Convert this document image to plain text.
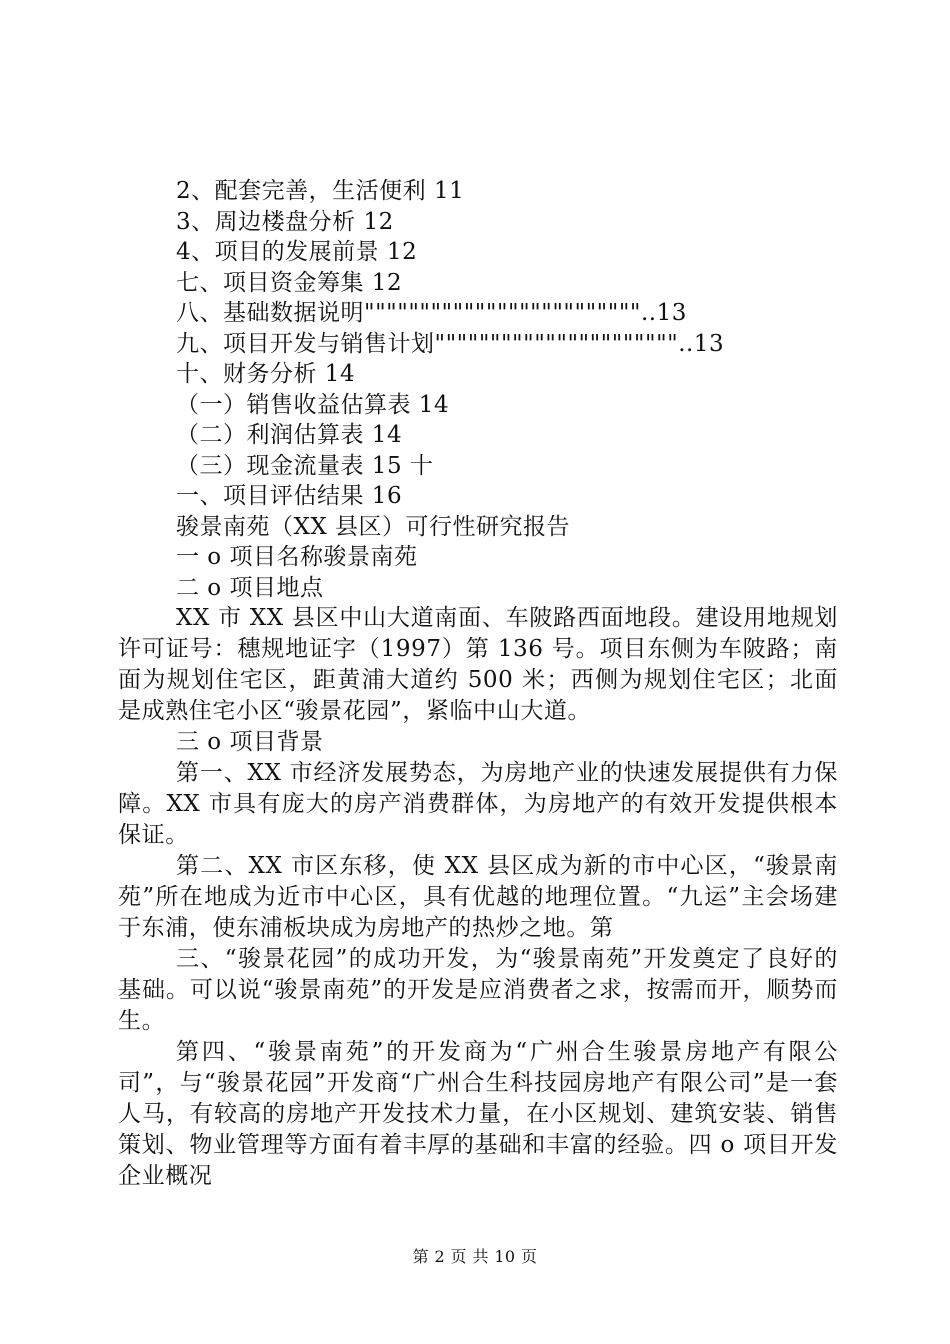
2、配套完善，生活便利 11
3、周边楼盘分析 12
4、项目的发展前景 12
七、项目资金筹集 12
八、基础数据说明"""""""""""""""""""""""""..13
九、项目开发与销售计划""""""""""""""""""""""..13
十、财务分析 14
（一）销售收益估算表 14
（二）利润估算表 14
（三）现金流量表 15 十
一、项目评估结果 16
骏景南苑（XX 县区）可行性研究报告
一 o 项目名称骏景南苑
二 o 项目地点

XX 市 XX 县区中山大道南面、车陂路西面地段。建设用地规划许可证号：穗规地证字（1997）第 136 号。项目东侧为车陂路；南面为规划住宅区，距黄浦大道约 500 米；西侧为规划住宅区；北面是成熟住宅小区“骏景花园”，紧临中山大道。

三 o 项目背景

第一、XX 市经济发展势态，为房地产业的快速发展提供有力保障。XX 市具有庞大的房产消费群体，为房地产的有效开发提供根本保证。

第二、XX 市区东移，使 XX 县区成为新的市中心区，“骏景南苑”所在地成为近市中心区，具有优越的地理位置。“九运”主会场建于东浦，使东浦板块成为房地产的热炒之地。第

三、“骏景花园”的成功开发，为“骏景南苑”开发奠定了良好的基础。可以说“骏景南苑”的开发是应消费者之求，按需而开，顺势而生。

第四、“骏景南苑”的开发商为“广州合生骏景房地产有限公司”，与“骏景花园”开发商“广州合生科技园房地产有限公司”是一套人马，有较高的房地产开发技术力量，在小区规划、建筑安装、销售策划、物业管理等方面有着丰厚的基础和丰富的经验。四 o 项目开发企业概况

第 2 页 共 10 页
